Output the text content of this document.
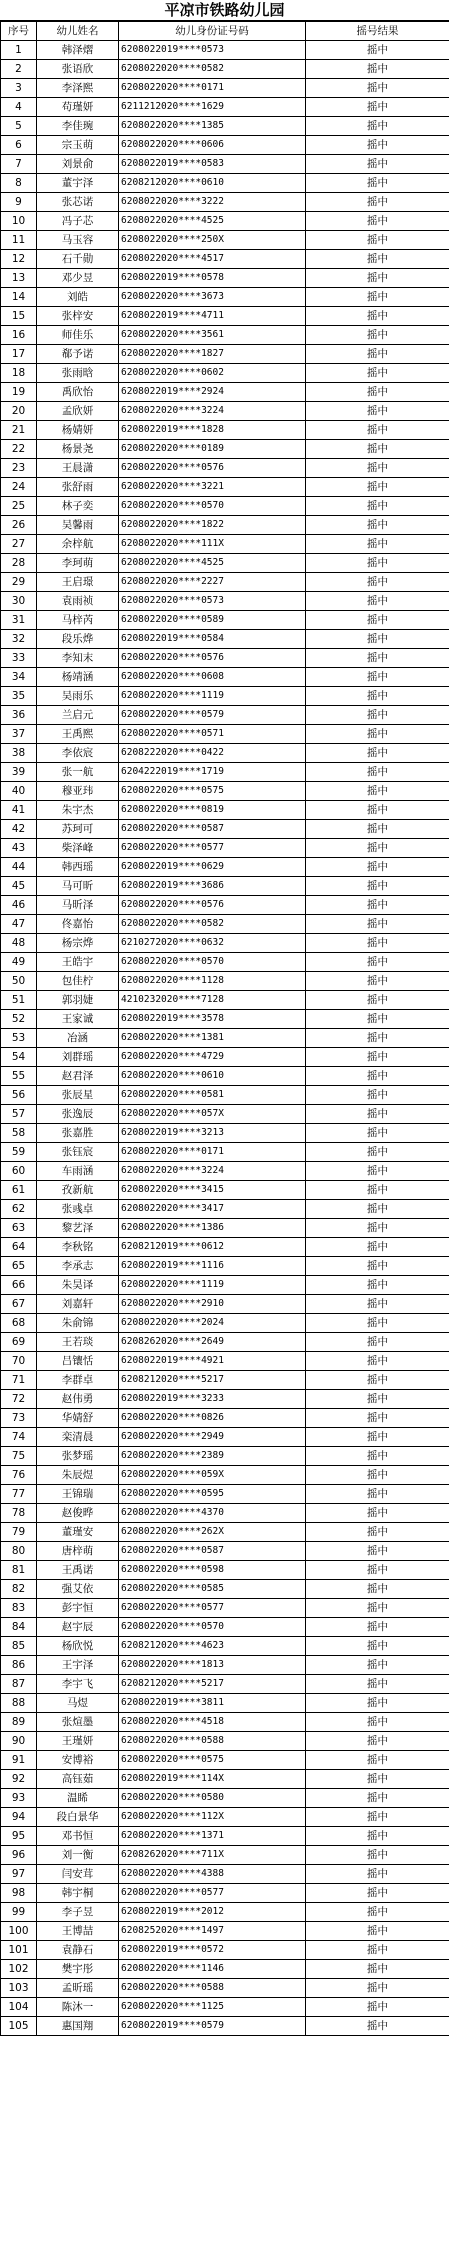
平凉市铁路幼儿园
序号	幼儿姓名	幼儿身份证号码	摇号结果
1	韩泽熠	6208022019****0573	摇中
2	张语欣	6208022020****0582	摇中
3	李泽熙	6208022020****0171	摇中
4	苟瑾妍	6211212020****1629	摇中
5	李佳琬	6208022020****1385	摇中
6	宗玉萌	6208022020****0606	摇中
7	刘景俞	6208022019****0583	摇中
8	董宇泽	6208212020****0610	摇中
9	张芯诺	6208022020****3222	摇中
10	冯子芯	6208022020****4525	摇中
11	马玉容	6208022020****250X	摇中
12	石千勋	6208022020****4517	摇中
13	邓少昱	6208022019****0578	摇中
14	刘皓	6208022020****3673	摇中
15	张梓安	6208022019****4711	摇中
16	师佳乐	6208022020****3561	摇中
17	郗予诺	6208022020****1827	摇中
18	张雨晗	6208022020****0602	摇中
19	禹欣怡	6208022019****2924	摇中
20	孟欣妍	6208022020****3224	摇中
21	杨婧妍	6208022019****1828	摇中
22	杨景尧	6208022020****0189	摇中
23	王晨潇	6208022020****0576	摇中
24	张舒雨	6208022020****3221	摇中
25	林子奕	6208022020****0570	摇中
26	吴馨雨	6208022020****1822	摇中
27	余梓航	6208022020****111X	摇中
28	李珂萌	6208022020****4525	摇中
29	王启璟	6208022020****2227	摇中
30	袁雨祯	6208022020****0573	摇中
31	马梓芮	6208022020****0589	摇中
32	段乐烨	6208022019****0584	摇中
33	李知末	6208022020****0576	摇中
34	杨靖涵	6208022020****0608	摇中
35	吴雨乐	6208022020****1119	摇中
36	兰启元	6208022020****0579	摇中
37	王禹熙	6208022020****0571	摇中
38	李依宸	6208222020****0422	摇中
39	张一航	6204222019****1719	摇中
40	穆亚玮	6208022020****0575	摇中
41	朱宇杰	6208022020****0819	摇中
42	苏珂可	6208022020****0587	摇中
43	柴泽峰	6208022020****0577	摇中
44	韩西瑶	6208022019****0629	摇中
45	马可昕	6208022019****3686	摇中
46	马昕泽	6208022020****0576	摇中
47	佟嘉怡	6208022020****0582	摇中
48	杨宗烨	6210272020****0632	摇中
49	王皓宇	6208022020****0570	摇中
50	包佳柠	6208022020****1128	摇中
51	郭羽婕	4210232020****7128	摇中
52	王家诚	6208022019****3578	摇中
53	冶涵	6208022020****1381	摇中
54	刘群瑶	6208022020****4729	摇中
55	赵君泽	6208022020****0610	摇中
56	张辰星	6208022020****0581	摇中
57	张逸辰	6208022020****057X	摇中
58	张嘉胜	6208022019****3213	摇中
59	张钰宸	6208022020****0171	摇中
60	车雨涵	6208022020****3224	摇中
61	孜新航	6208022020****3415	摇中
62	张彧卓	6208022020****3417	摇中
63	黎艺泽	6208022020****1386	摇中
64	李秋铭	6208212019****0612	摇中
65	李承志	6208022019****1116	摇中
66	朱昊译	6208022020****1119	摇中
67	刘嘉轩	6208022020****2910	摇中
68	朱俞锦	6208022020****2024	摇中
69	王若琰	6208262020****2649	摇中
70	吕镶恬	6208022019****4921	摇中
71	李群卓	6208212020****5217	摇中
72	赵伟勇	6208022019****3233	摇中
73	华婧舒	6208022020****0826	摇中
74	栾清晨	6208022020****2949	摇中
75	张梦瑶	6208022020****2389	摇中
76	朱辰煜	6208022020****059X	摇中
77	王锦瑞	6208022020****0595	摇中
78	赵俊晔	6208022020****4370	摇中
79	董瑾安	6208022020****262X	摇中
80	唐梓萌	6208022020****0587	摇中
81	王禹诺	6208022020****0598	摇中
82	强艾依	6208022020****0585	摇中
83	彭宇恒	6208022020****0577	摇中
84	赵宇辰	6208022020****0570	摇中
85	杨欣悦	6208212020****4623	摇中
86	王宇泽	6208022020****1813	摇中
87	李宇飞	6208212020****5217	摇中
88	马煜	6208022019****3811	摇中
89	张煊墨	6208022020****4518	摇中
90	王瑾妍	6208022020****0588	摇中
91	安博裕	6208022020****0575	摇中
92	高钰茹	6208022019****114X	摇中
93	温睎	6208022020****0580	摇中
94	段白景华	6208022020****112X	摇中
95	邓书恒	6208022020****1371	摇中
96	刘一衡	6208262020****711X	摇中
97	闫安茸	6208022020****4388	摇中
98	韩宇桐	6208022020****0577	摇中
99	李子昱	6208022019****2012	摇中
100	王博喆	6208252020****1497	摇中
101	袁静石	6208022019****0572	摇中
102	樊宇彤	6208022020****1146	摇中
103	孟昕瑶	6208022020****0588	摇中
104	陈沐一	6208022020****1125	摇中
105	惠国翔	6208022019****0579	摇中
